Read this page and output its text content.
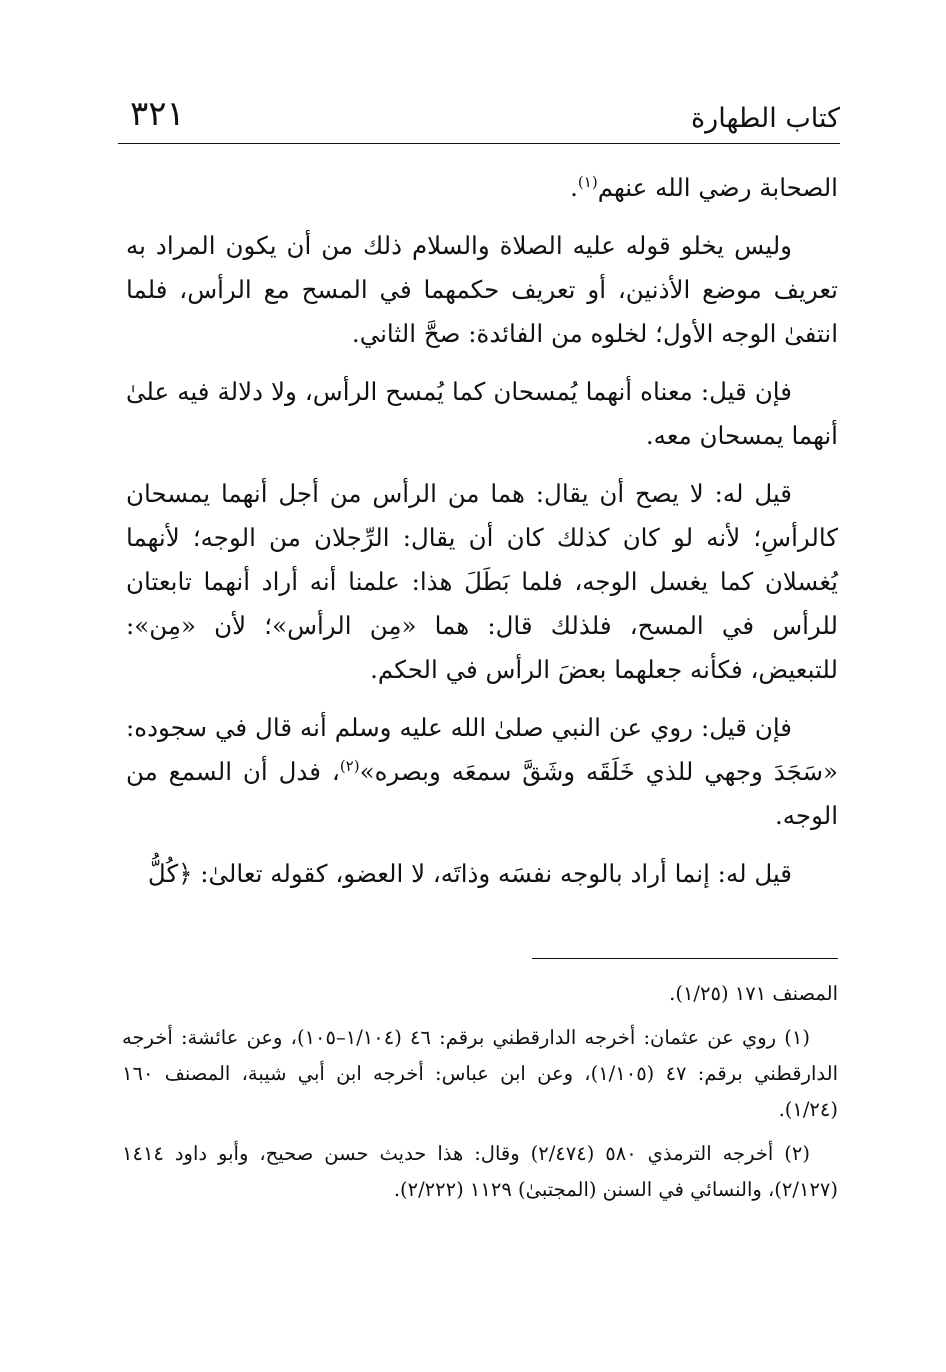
كتاب الطهارة
٣٢١

الصحابة رضي الله عنهم$^{(١)}$.

وليس يخلو قوله عليه الصلاة والسلام ذلك من أن يكون المراد به تعريف موضع الأذنين، أو تعريف حكمهما في المسح مع الرأس، فلما انتفىٰ الوجه الأول؛ لخلوه من الفائدة: صحَّ الثاني.

فإن قيل: معناه أنهما يُمسحان كما يُمسح الرأس، ولا دلالة فيه علىٰ أنهما يمسحان معه.

قيل له: لا يصح أن يقال: هما من الرأس من أجل أنهما يمسحان كالرأسِ؛ لأنه لو كان كذلك كان أن يقال: الرِّجلان من الوجه؛ لأنهما يُغسلان كما يغسل الوجه، فلما بَطَلَ هذا: علمنا أنه أراد أنهما تابعتان للرأس في المسح، فلذلك قال: هما «مِن الرأس»؛ لأن «مِن»: للتبعيض، فكأنه جعلهما بعضَ الرأس في الحكم.

فإن قيل: روي عن النبي صلىٰ الله عليه وسلم أنه قال في سجوده: «سَجَدَ وجهي للذي خَلَقَه وشَقَّ سمعَه وبصره»$^{(٢)}$، فدل أن السمع من الوجه.

قيل له: إنما أراد بالوجه نفسَه وذاتَه، لا العضو، كقوله تعالىٰ: ﴿كُلُّ

المصنف ١٧١ (١/٢٥).

(١) روي عن عثمان: أخرجه الدارقطني برقم: ٤٦ (١/١٠٤–١٠٥)، وعن عائشة: أخرجه الدارقطني برقم: ٤٧ (١/١٠٥)، وعن ابن عباس: أخرجه ابن أبي شيبة، المصنف ١٦٠ (١/٢٤).

(٢) أخرجه الترمذي ٥٨٠ (٢/٤٧٤) وقال: هذا حديث حسن صحيح، وأبو داود ١٤١٤ (٢/١٢٧)، والنسائي في السنن (المجتبىٰ) ١١٢٩ (٢/٢٢٢).
